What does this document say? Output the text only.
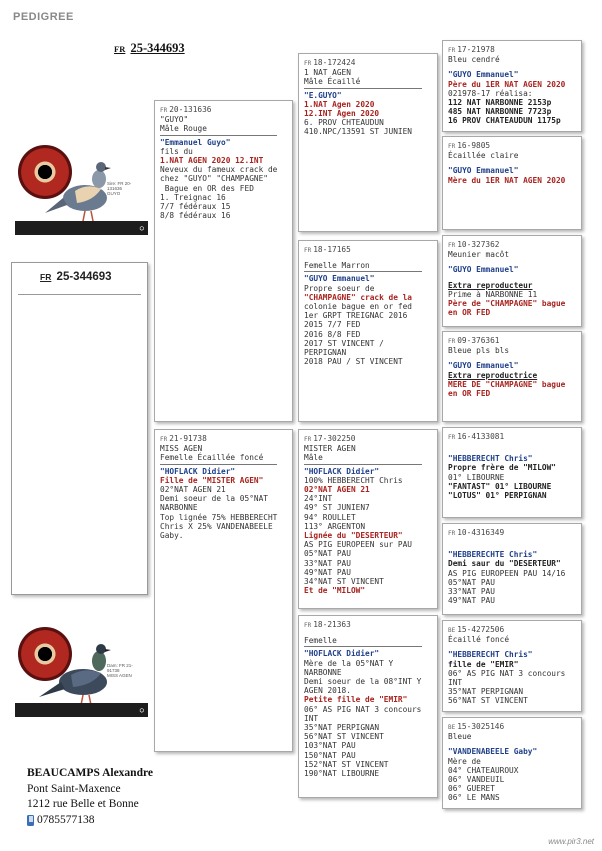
PEDIGREE
FR 25-344693
FR 25-344693
Sire: FR 20-131636
GUYO
⬡
Dam: FR 21-91738
MISS AGEN
⬡
FR 20-131636
"GUYO"
Mâle Rouge
"Emmanuel Guyo"
fils du
1.NAT AGEN 2020 12.INT
Neveux du fameux crack de
chez "GUYO" "CHAMPAGNE"
Bague en OR des FED
1. Treignac 16
7/7 fédéraux 15
8/8 fédéraux 16
FR 21-91738
MISS AGEN
Femelle Écaillée foncé
"HOFLACK Didier"
Fille de "MISTER AGEN"
02°NAT AGEN 21
Demi soeur de la 05°NAT
NARBONNE
Top lignée 75% HEBBERECHT
Chris X 25% VANDENABEELE
Gaby.
FR 18-172424
1 NAT AGEN
Mâle Écaillé
"E.GUYO"
1.NAT Agen 2020
12.INT Agen 2020
6. PROV CHTEAUDUN
410.NPC/13591 ST JUNIEN
FR 18-17165
Femelle Marron
"GUYO Emmanuel"
Propre soeur de
"CHAMPAGNE" crack de la
colonie bague en or fed
1er GRPT TREIGNAC 2016
2015 7/7 FED
2016 8/8 FED
2017 ST VINCENT /
PERPIGNAN
2018 PAU / ST VINCENT
FR 17-302250
MISTER AGEN
Mâle
"HOFLACK Didier"
100% HEBBERECHT Chris
02°NAT AGEN 21
24°INT
49° ST JUNIEN7
94° ROULLET
113° ARGENTON
Lignée du "DESERTEUR"
AS PIG EUROPEEN sur PAU
05°NAT PAU
33°NAT PAU
49°NAT PAU
34°NAT ST VINCENT
Et de "MILOW"
FR 18-21363
Femelle
"HOFLACK Didier"
Mère de la 05°NAT Y
NARBONNE
Demi soeur de la 08°INT Y
AGEN 2018.
Petite fille de "EMIR"
06° AS PIG NAT 3 concours
INT
35°NAT PERPIGNAN
56°NAT ST VINCENT
103°NAT PAU
150°NAT PAU
152°NAT ST VINCENT
190°NAT LIBOURNE
FR 17-21978
Bleu cendré
"GUYO Emmanuel"
Père du 1ER NAT AGEN 2020
021978-17 réalisa:
112 NAT NARBONNE 2153p
485 NAT NARBONNE 7723p
16 PROV CHATEAUDUN 1175p
FR 16-9805
Écaillée claire
"GUYO Emmanuel"
Mère du 1ER NAT AGEN 2020
FR 10-327362
Meunier macôt
"GUYO Emmanuel"
Extra reproducteur
Prime à NARBONNE 11
Père de "CHAMPAGNE" bague
en OR FED
FR 09-376361
Bleue pls bls
"GUYO Emmanuel"
Extra reproductrice
MERE DE "CHAMPAGNE" bague
en OR FED
FR 16-4133081
"HEBBERECHT Chris"
Propre frère de "MILOW"
01° LIBOURNE
"FANTAST" 01° LIBOURNE
"LOTUS" 01° PERPIGNAN
FR 10-4316349
"HEBBERECHTE Chris"
Demi saur du "DESERTEUR"
AS PIG EUROPEEN PAU 14/16
05°NAT PAU
33°NAT PAU
49°NAT PAU
BE 15-4272506
Écaillé foncé
"HEBBERECHT Chris"
fille de "EMIR"
06° AS PIG NAT 3 concours
INT
35°NAT PERPIGNAN
56°NAT ST VINCENT
BE 15-3025146
Bleue
"VANDENABEELE Gaby"
Mère de
04° CHATEAUROUX
06° VANDEUIL
06° GUERET
06° LE MANS
BEAUCAMPS Alexandre
Pont Saint-Maxence
1212 rue Belle et Bonne
0785577138
www.pir3.net
